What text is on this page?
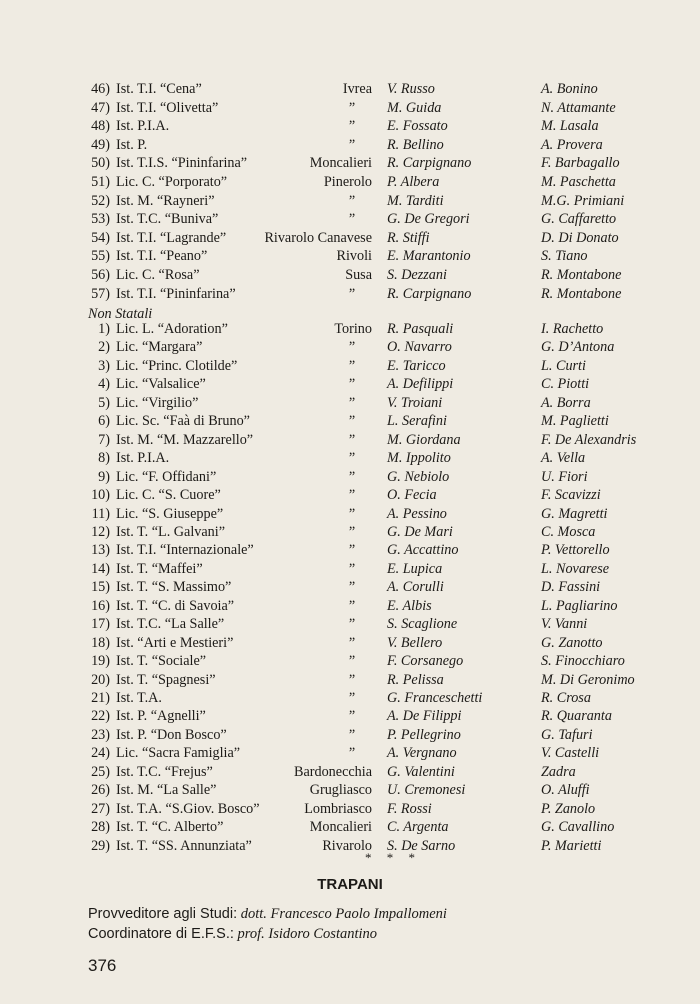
46) Ist. T.I. “Cena”	Ivrea V. Russo	A. Bonino
47) Ist. T.I. “Olivetta”	” M. Guida	N. Attamante
48) Ist. P.I.A.	” E. Fossato	M. Lasala
49) Ist. P.	” R. Bellino	A. Provera
50) Ist. T.I.S. “Pininfarina”	Moncalieri R. Carpignano	F. Barbagallo
51) Lic. C. “Porporato”	Pinerolo P. Albera	M. Paschetta
52) Ist. M. “Rayneri”	” M. Tarditi	M.G. Primiani
53) Ist. T.C. “Buniva”	” G. De Gregori	G. Caffaretto
54) Ist. T.I. “Lagrande”	Rivarolo Canavese R. Stiffi	D. Di Donato
55) Ist. T.I. “Peano”	Rivoli E. Marantonio	S. Tiano
56) Lic. C. “Rosa”	Susa S. Dezzani	R. Montabone
57) Ist. T.I. “Pininfarina”	” R. Carpignano	R. Montabone
1) Lic. L. “Adoration”	Torino R. Pasquali	I. Rachetto
2) Lic. “Margara”	” O. Navarro	G. D’Antona
3) Lic. “Princ. Clotilde”	” E. Taricco	L. Curti
4) Lic. “Valsalice”	” A. Defilippi	C. Piotti
5) Lic. “Virgilio”	” V. Troiani	A. Borra
6) Lic. Sc. “Faà di Bruno”	” L. Serafini	M. Paglietti
7) Ist. M. “M. Mazzarello”	” M. Giordana	F. De Alexandris
8) Ist. P.I.A.	” M. Ippolito	A. Vella
9) Lic. “F. Offidani”	” G. Nebiolo	U. Fiori
10) Lic. C. “S. Cuore”	” O. Fecia	F. Scavizzi
11) Lic. “S. Giuseppe”	” A. Pessino	G. Magretti
12) Ist. T. “L. Galvani”	” G. De Mari	C. Mosca
13) Ist. T.I. “Internazionale”	” G. Accattino	P. Vettorello
14) Ist. T. “Maffei”	” E. Lupica	L. Novarese
15) Ist. T. “S. Massimo”	” A. Corulli	D. Fassini
16) Ist. T. “C. di Savoia”	” E. Albis	L. Pagliarino
17) Ist. T.C. “La Salle”	” S. Scaglione	V. Vanni
18) Ist. “Arti e Mestieri”	” V. Bellero	G. Zanotto
19) Ist. T. “Sociale”	” F. Corsanego	S. Finocchiaro
20) Ist. T. “Spagnesi”	” R. Pelissa	M. Di Geronimo
21) Ist. T.A.	” G. Franceschetti	R. Crosa
22) Ist. P. “Agnelli”	” A. De Filippi	R. Quaranta
23) Ist. P. “Don Bosco”	” P. Pellegrino	G. Tafuri
24) Lic. “Sacra Famiglia”	” A. Vergnano	V. Castelli
25) Ist. T.C. “Frejus”	Bardonecchia G. Valentini	Zadra
26) Ist. M. “La Salle”	Grugliasco U. Cremonesi	O. Aluffi
27) Ist. T.A. “S.Giov. Bosco”	Lombriasco F. Rossi	P. Zanolo
28) Ist. T. “C. Alberto”	Moncalieri C. Argenta	G. Cavallino
29) Ist. T. “SS. Annunziata”	Rivarolo S. De Sarno	P. Marietti
Non Statali
* * *
TRAPANI
Provveditore agli Studi: dott. Francesco Paolo Impallomeni
Coordinatore di E.F.S.: prof. Isidoro Costantino
376
